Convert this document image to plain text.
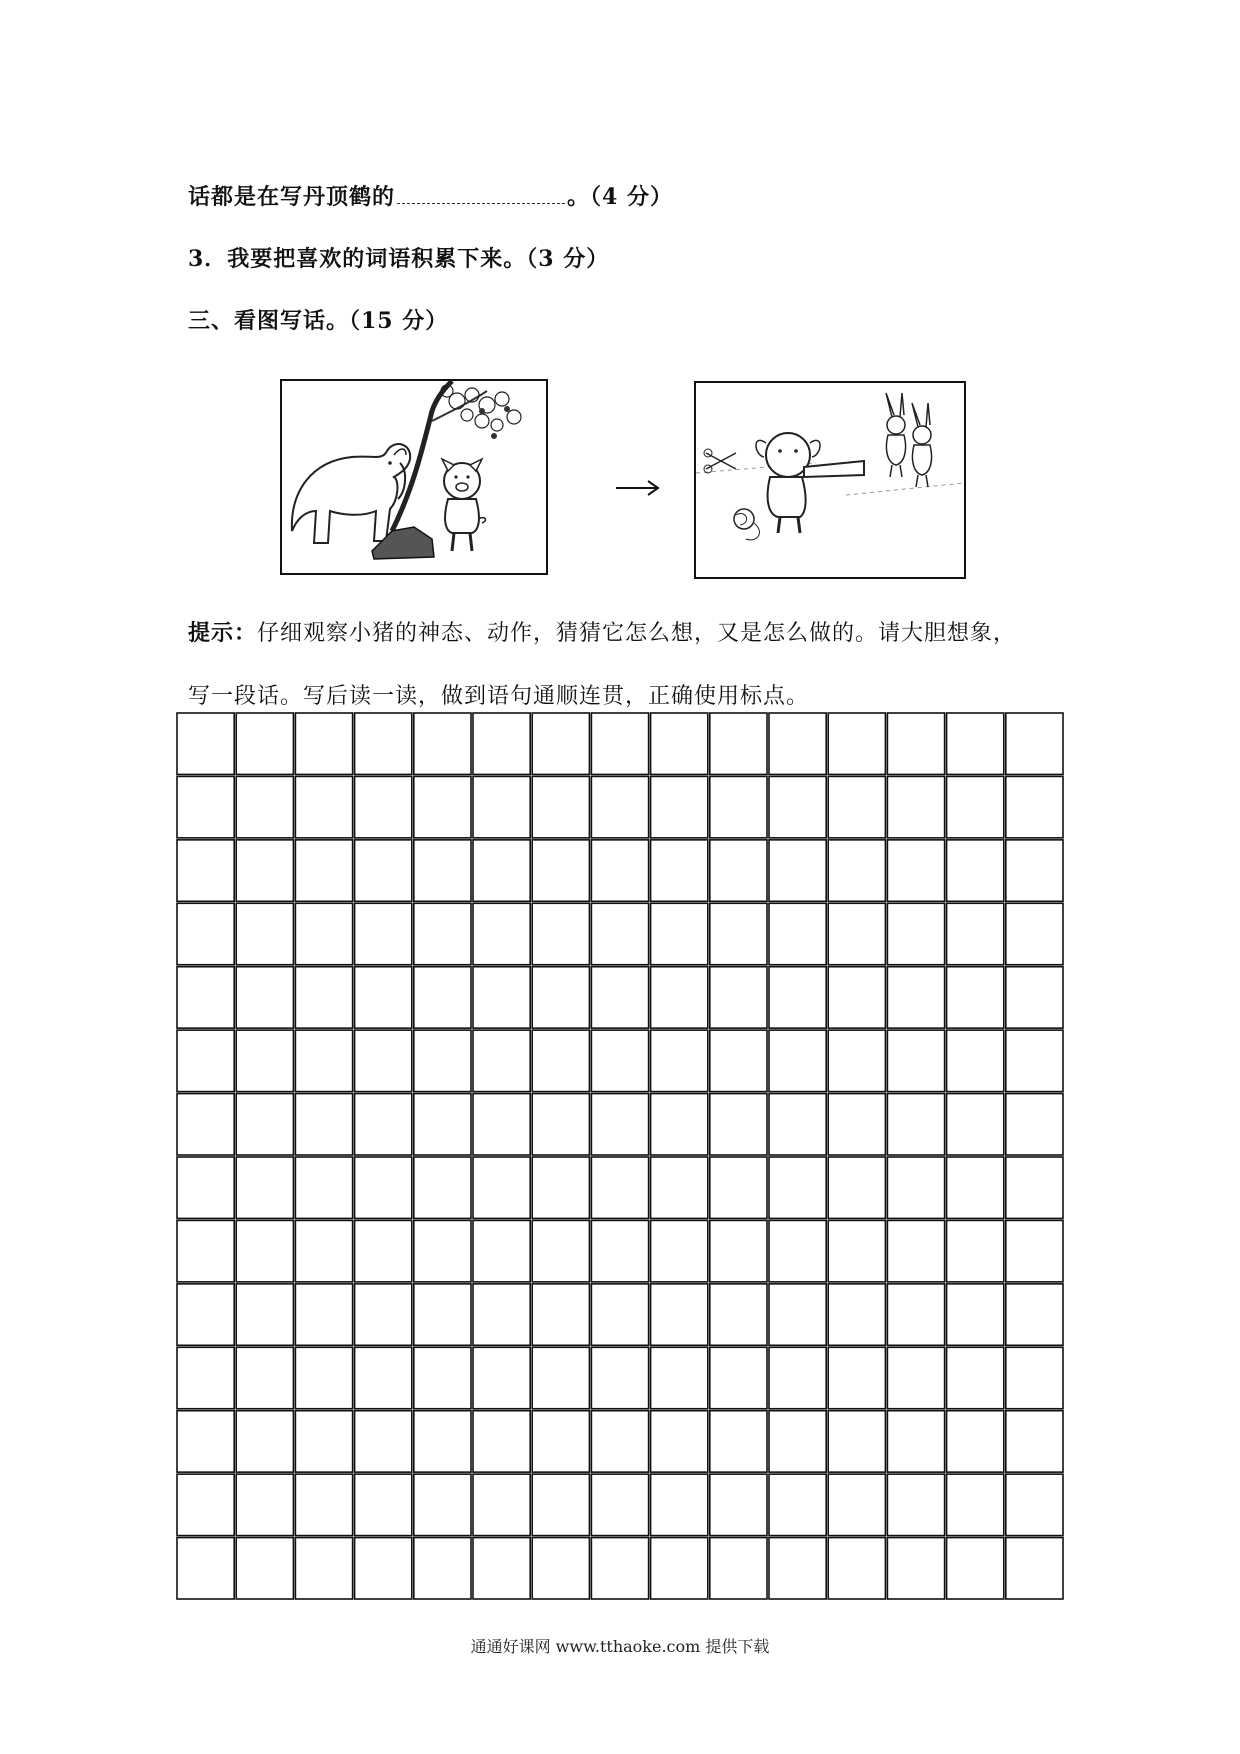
话都是在写丹顶鹤的	。（4 分）
3．我要把喜欢的词语积累下来。（3 分）
三、看图写话。（15 分）
提示：仔细观察小猪的神态、动作，猜猜它怎么想，又是怎么做的。请大胆想象，
写一段话。写后读一读，做到语句通顺连贯，正确使用标点。
通通好课网 www.tthaoke.com 提供下载
